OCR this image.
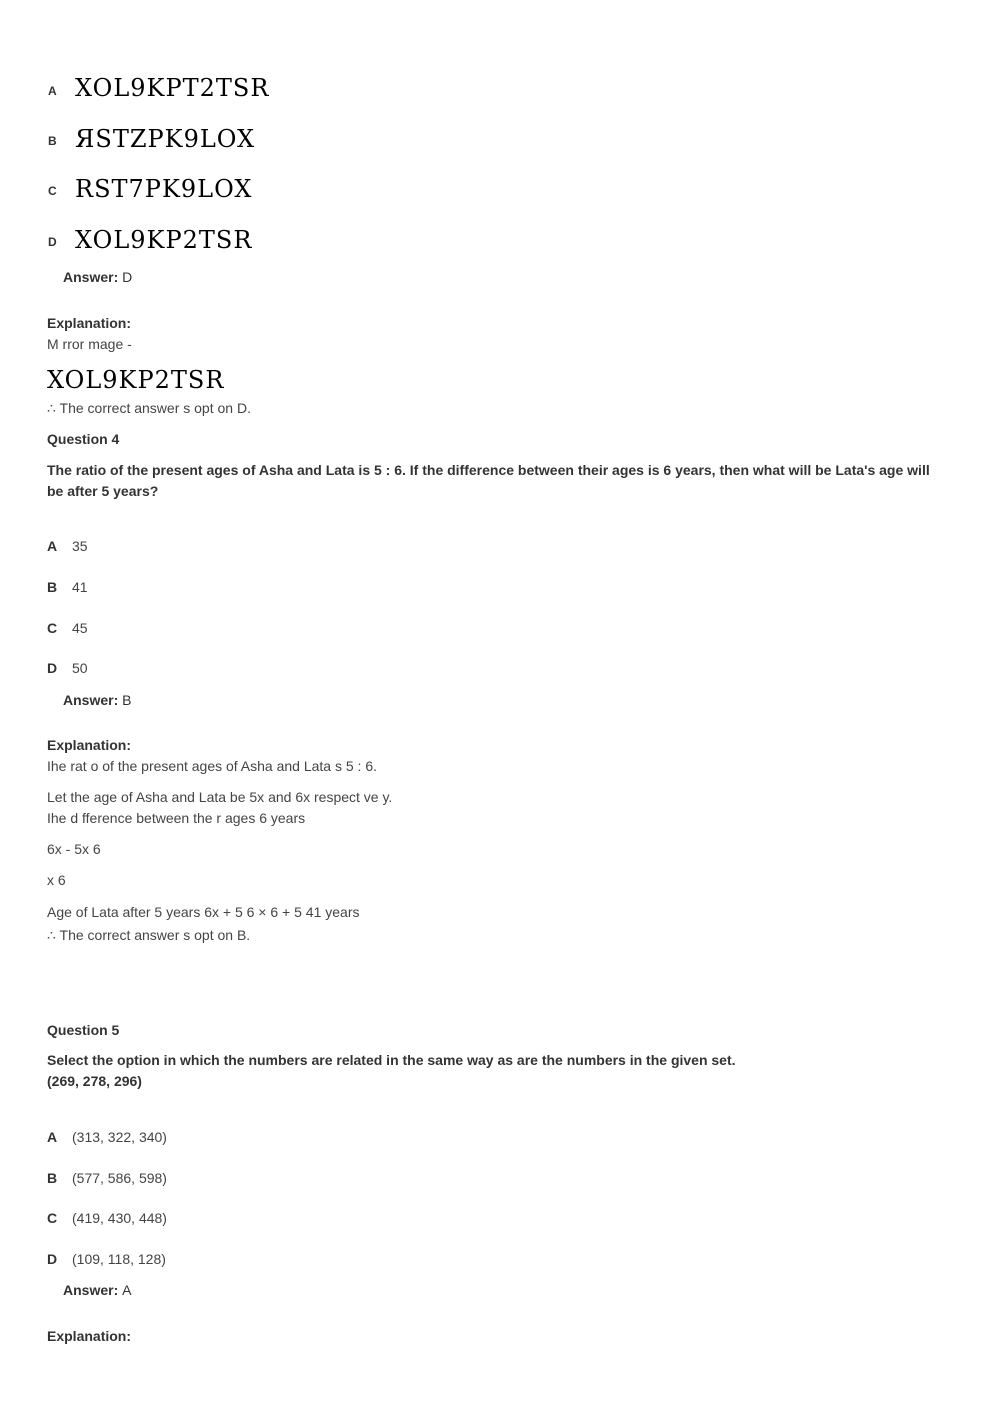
A XOL9KPT2TSR
B ЯSTZPK9LOX
C RST7PK9LOX
D XOL9KP2TSR
Answer: D
Explanation:
M rror mage -
XOL9KP2TSR
∴ The correct answer s opt on D.
Question 4
The ratio of the present ages of Asha and Lata is 5 : 6. If the difference between their ages is 6 years, then what will be Lata's age will be after 5 years?
A 35
B 41
C 45
D 50
Answer: B
Explanation:
Ihe rat o of the present ages of Asha and Lata s 5 : 6.
Let the age of Asha and Lata be 5x and 6x respect ve y.
Ihe d fference between the r ages 6 years
6x - 5x 6
x 6
Age of Lata after 5 years 6x + 5 6 × 6 + 5 41 years
∴ The correct answer s opt on B.
Question 5
Select the option in which the numbers are related in the same way as are the numbers in the given set.
(269, 278, 296)
A (313, 322, 340)
B (577, 586, 598)
C (419, 430, 448)
D (109, 118, 128)
Answer: A
Explanation:
